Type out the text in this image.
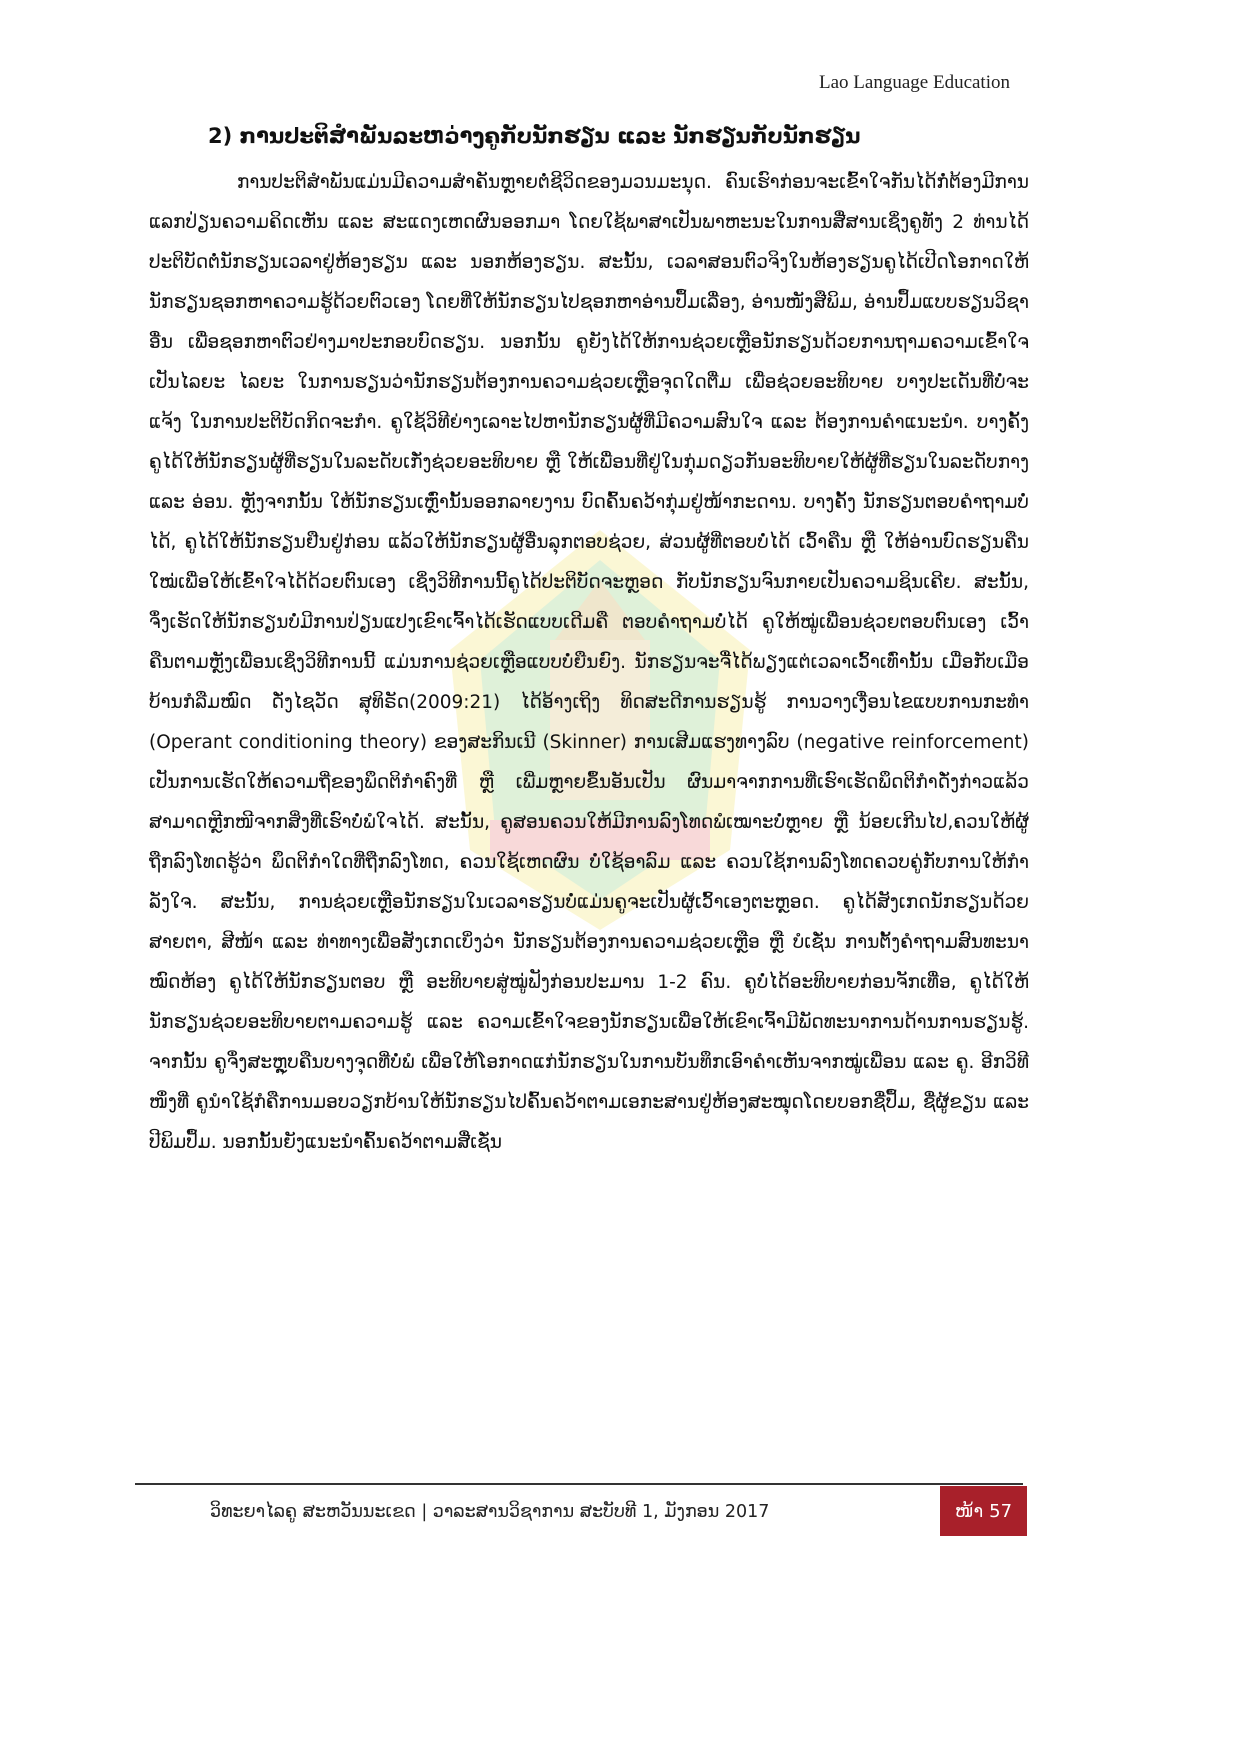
Lao Language Education
2) ການປະຕິສໍາພັນລະຫວ່າງຄູກັບນັກຮຽນ ແລະ ນັກຮຽນກັບນັກຮຽນ

ການປະຕິສໍາພັນແມ່ນມີຄວາມສໍາຄັນຫຼາຍຕໍ່ຊີວິດຂອງມວນມະນຸດ. ຄົນເຮົາກ່ອນຈະເຂົ້າໃຈກັນໄດ້ກໍ່ຕ້ອງມີການແລກປ່ຽນຄວາມຄິດເຫັນ ແລະ ສະແດງເຫດຜົນອອກມາ ໂດຍໃຊ້ພາສາເປັນພາຫະນະໃນການສື່ສານເຊິ່ງຄູທັງ 2 ທ່ານໄດ້ປະຕິບັດຕໍ່ນັກຮຽນເວລາຢູ່ຫ້ອງຮຽນ ແລະ ນອກຫ້ອງຮຽນ. ສະນັ້ນ, ເວລາສອນຕົວຈິງໃນຫ້ອງຮຽນຄູໄດ້ເປີດໂອກາດໃຫ້ນັກຮຽນຊອກຫາຄວາມຮູ້ດ້ວຍຕົວເອງ ໂດຍທີ່ໃຫ້ນັກຮຽນໄປຊອກຫາອ່ານປຶ້ມເລື່ອງ, ອ່ານໜັງສືພິມ, ອ່ານປຶ້ມແບບຮຽນວິຊາອື່ນ ເພື່ອຊອກຫາຕົວຢ່າງມາປະກອບບົດຮຽນ. ນອກນັ້ນ ຄູຍັງໄດ້ໃຫ້ການຊ່ວຍເຫຼືອນັກຮຽນດ້ວຍການຖາມຄວາມເຂົ້າໃຈ ເປັນໄລຍະ ໄລຍະ ໃນການຮຽນວ່ານັກຮຽນຕ້ອງການຄວາມຊ່ວຍເຫຼືອຈຸດໃດຕື່ມ ເພື່ອຊ່ວຍອະທິບາຍ ບາງປະເດັນທີ່ບໍ່ຈະແຈ້ງ ໃນການປະຕິບັດກິດຈະກໍາ. ຄູໃຊ້ວິທີຍ່າງເລາະໄປຫານັກຮຽນຜູ້ທີ່ມີຄວາມສົນໃຈ ແລະ ຕ້ອງການຄໍາແນະນໍາ. ບາງຄັ້ງຄູໄດ້ໃຫ້ນັກຮຽນຜູ້ທີ່ຮຽນໃນລະດັບເກັ່ງຊ່ວຍອະທິບາຍ ຫຼື ໃຫ້ເພື່ອນທີ່ຢູ່ໃນກຸ່ມດຽວກັນອະທິບາຍໃຫ້ຜູ້ທີ່ຮຽນໃນລະດັບກາງ ແລະ ອ່ອນ. ຫຼັງຈາກນັ້ນ ໃຫ້ນັກຮຽນເຫຼົ່ານັ້ນອອກລາຍງານ ບົດຄົ້ນຄວ້າກຸ່ມຢູ່ໜ້າກະດານ. ບາງຄັ້ງ ນັກຮຽນຕອບຄໍາຖາມບໍ່ໄດ້, ຄູໄດ້ໃຫ້ນັກຮຽນຢືນຢູ່ກ່ອນ ແລ້ວໃຫ້ນັກຮຽນຜູ້ອື່ນລຸກຕອບຊ່ວຍ, ສ່ວນຜູ້ທີ່ຕອບບໍ່ໄດ້ ເວົ້າຄືນ ຫຼື ໃຫ້ອ່ານບົດຮຽນຄືນໃໝ່ເພື່ອໃຫ້ເຂົ້າໃຈໄດ້ດ້ວຍຕົນເອງ ເຊິ່ງວິທີການນີ້ຄູໄດ້ປະຕິບັດຈະຫຼອດ ກັບນັກຮຽນຈົນກາຍເປັນຄວາມຊິນເຄີຍ. ສະນັ້ນ, ຈຶ່ງເຮັດໃຫ້ນັກຮຽນບໍ່ມີການປ່ຽນແປງເຂົາເຈົ້າໄດ້ເຮັດແບບເດີມຄື ຕອບຄໍາຖາມບໍ່ໄດ້ ຄູໃຫ້ໝູ່ເພື່ອນຊ່ວຍຕອບຕົນເອງ ເວົ້າຄືນຕາມຫຼັງເພື່ອນເຊິ່ງວິທີການນີ້ ແມ່ນການຊ່ວຍເຫຼືອແບບບໍ່ຍືນຍົງ. ນັກຮຽນຈະຈື່ໄດ້ພຽງແຕ່ເວລາເວົ້າເທົ່ານັ້ນ ເມື່ອກັບເມືອບ້ານກໍລືມໝົດ ດັ່ງໄຊວັດ ສຸທິຣັດ(2009:21) ໄດ້ອ້າງເຖິງ ທິດສະດີການຮຽນຮູ້ ການວາງເງື່ອນໄຂແບບການກະທໍາ (Operant conditioning theory) ຂອງສະກິນເນີ (Skinner) ການເສີມແຮງທາງລົບ (negative reinforcement) ເປັນການເຮັດໃຫ້ຄວາມຖີ່ຂອງພຶດຕິກໍາຄົງທີ່ ຫຼື ເພີ່ມຫຼາຍຂຶ້ນອັນເປັນ ຜົນມາຈາກການທີ່ເຮົາເຮັດພຶດຕິກໍາດັ່ງກ່າວແລ້ວສາມາດຫຼີກໜີຈາກສິ່ງທີ່ເຮົາບໍ່ພໍໃຈໄດ້. ສະນັ້ນ, ຄູສອນຄວນໃຫ້ມີການລົງໂທດພໍເໝາະບໍ່ຫຼາຍ ຫຼື ນ້ອຍເກີນໄປ,ຄວນໃຫ້ຜູ້ຖືກລົງໂທດຮູ້ວ່າ ພຶດຕິກໍາໃດທີ່ຖືກລົງໂທດ, ຄວນໃຊ້ເຫດຜົນ ບໍ່ໃຊ້ອາລົມ ແລະ ຄວນໃຊ້ການລົງໂທດຄວບຄູ່ກັບການໃຫ້ກໍາລັງໃຈ. ສະນັ້ນ, ການຊ່ວຍເຫຼືອນັກຮຽນໃນເວລາຮຽນບໍ່ແມ່ນຄູຈະເປັນຜູ້ເວົ້າເອງຕະຫຼອດ. ຄູໄດ້ສັງເກດນັກຮຽນດ້ວຍສາຍຕາ, ສີໜ້າ ແລະ ທ່າທາງເພື່ອສັງເກດເບິ່ງວ່າ ນັກຮຽນຕ້ອງການຄວາມຊ່ວຍເຫຼືອ ຫຼື ບໍເຊັ່ນ ການຕັ້ງຄໍາຖາມສົນທະນາໝົດຫ້ອງ ຄູໄດ້ໃຫ້ນັກຮຽນຕອບ ຫຼື ອະທິບາຍສູ່ໝູ່ຟັງກ່ອນປະມານ 1-2 ຄົນ. ຄູບໍ່ໄດ້ອະທິບາຍກ່ອນຈັກເທື່ອ, ຄູໄດ້ໃຫ້ນັກຮຽນຊ່ວຍອະທິບາຍຕາມຄວາມຮູ້ ແລະ ຄວາມເຂົ້າໃຈຂອງນັກຮຽນເພື່ອໃຫ້ເຂົາເຈົ້າມີພັດທະນາການດ້ານການຮຽນຮູ້. ຈາກນັ້ນ ຄູຈຶ່ງສະຫຼຸບຄືນບາງຈຸດທີ່ບໍ່ພໍ ເພື່ອໃຫ້ໂອກາດແກ່ນັກຮຽນໃນການບັນທຶກເອົາຄໍາເຫັນຈາກໝູ່ເພື່ອນ ແລະ ຄູ. ອີກວິທີໜຶ່ງທີ່ ຄູນໍາໃຊ້ກໍຄືການມອບວຽກບ້ານໃຫ້ນັກຮຽນໄປຄົ້ນຄວ້າຕາມເອກະສານຢູ່ຫ້ອງສະໝຸດໂດຍບອກຊື່ປຶ້ມ, ຊື່ຜູ້ຂຽນ ແລະ ປີພິມປຶ້ມ. ນອກນັ້ນຍັງແນະນໍາຄົ້ນຄວ້າຕາມສື່ເຊັ່ນ

ວິທະຍາໄລຄູ ສະຫວັນນະເຂດ | ວາລະສານວິຊາການ ສະບັບທີ 1, ມັງກອນ 2017	ໜ້າ 57
